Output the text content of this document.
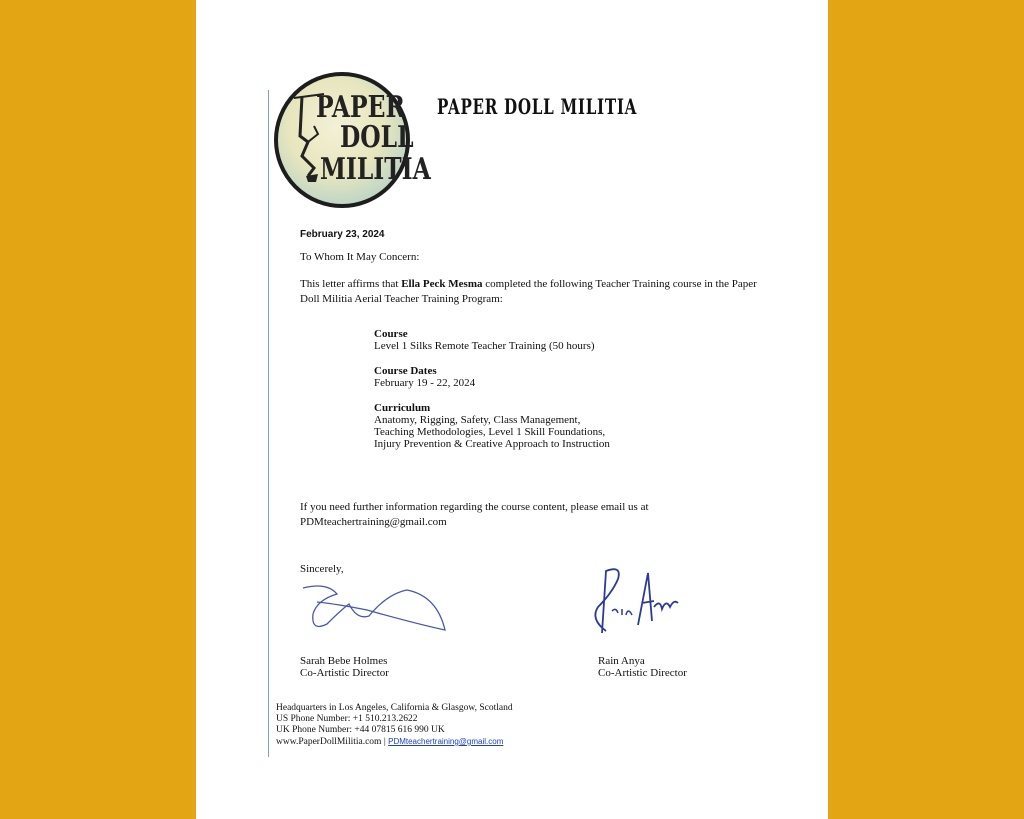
PAPER
DOLL
MILITIA
PAPER DOLL MILITIA
February 23, 2024
To Whom It May Concern:
This letter affirms that Ella Peck Mesma completed the following Teacher Training course in the Paper Doll Militia Aerial Teacher Training Program:
Course
Level 1 Silks Remote Teacher Training (50 hours)
Course Dates
February 19 - 22, 2024
Curriculum
Anatomy, Rigging, Safety, Class Management,
Teaching Methodologies, Level 1 Skill Foundations,
Injury Prevention & Creative Approach to Instruction
If you need further information regarding the course content, please email us at
PDMteachertraining@gmail.com
Sincerely,
Sarah Bebe Holmes
Co-Artistic Director
Rain Anya
Co-Artistic Director
Headquarters in Los Angeles, California & Glasgow, Scotland
US Phone Number: +1 510.213.2622
UK Phone Number: +44 07815 616 990 UK
www.PaperDollMilitia.com | PDMteachertraining@gmail.com
